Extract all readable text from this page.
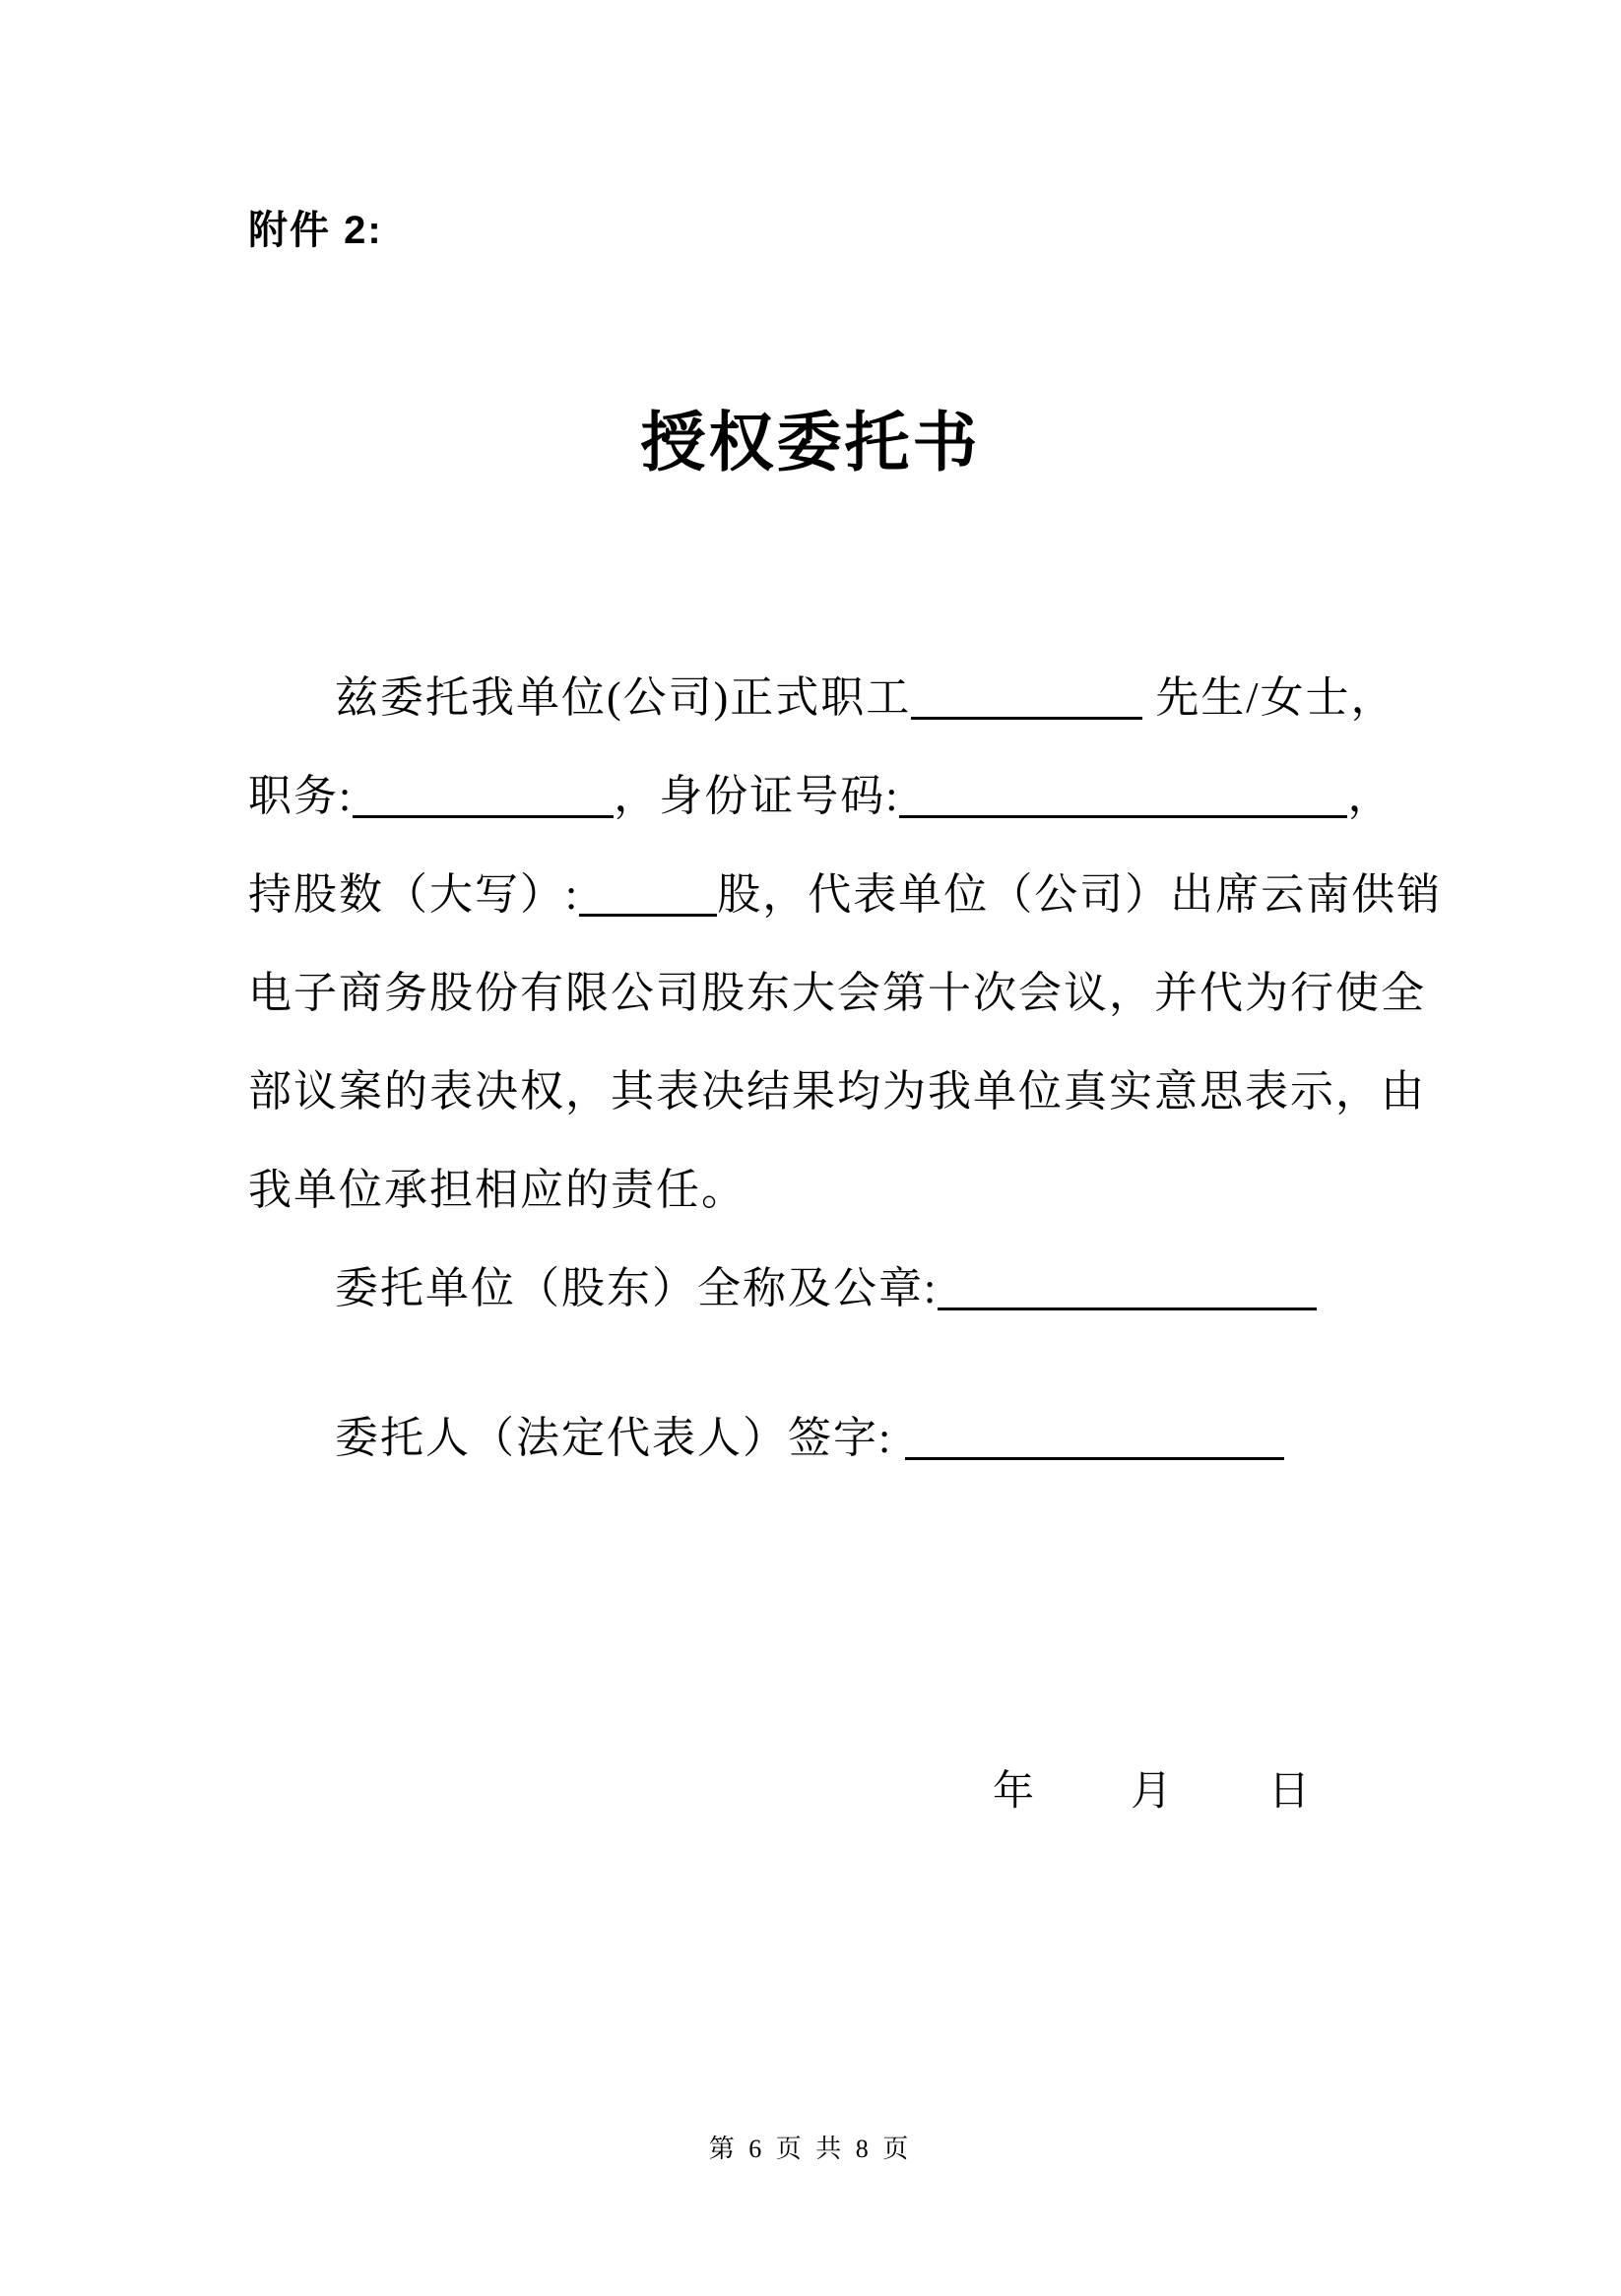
附件 2:
授权委托书
兹委托我单位(公司)正式职工	先生/女士，
职务:	，身份证号码:	，
持股数（大写）:	股，代表单位（公司）出席云南供销
电子商务股份有限公司股东大会第十次会议，并代为行使全
部议案的表决权，其表决结果均为我单位真实意思表示，由
我单位承担相应的责任。
委托单位（股东）全称及公章:
委托人（法定代表人）签字:
年 月 日
第 6 页 共 8 页
